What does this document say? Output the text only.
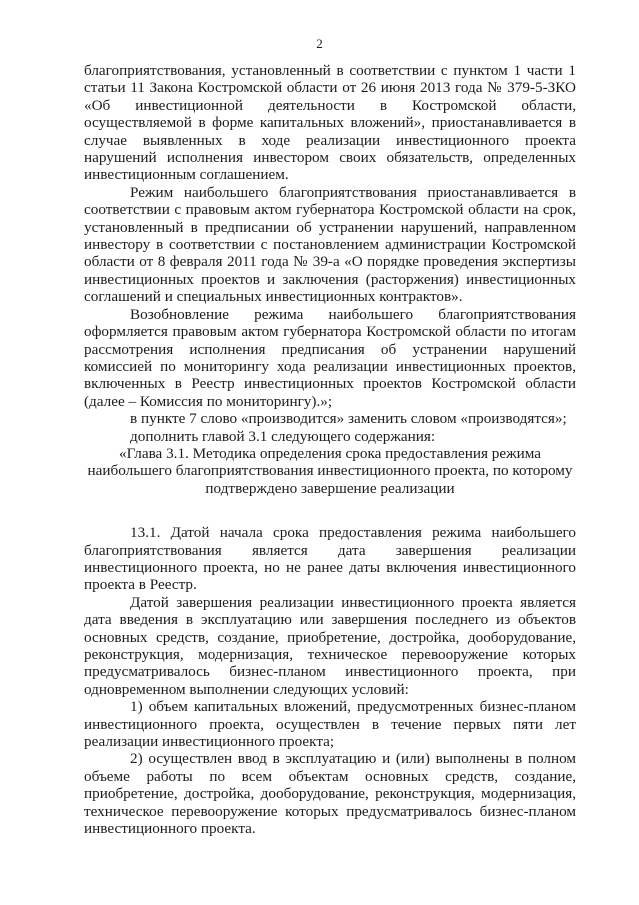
2

благоприятствования, установленный в соответствии с пунктом 1 части 1 статьи 11 Закона Костромской области от 26 июня 2013 года № 379-5-ЗКО «Об инвестиционной деятельности в Костромской области, осуществляемой в форме капитальных вложений», приостанавливается в случае выявленных в ходе реализации инвестиционного проекта нарушений исполнения инвестором своих обязательств, определенных инвестиционным соглашением.

Режим наибольшего благоприятствования приостанавливается в соответствии с правовым актом губернатора Костромской области на срок, установленный в предписании об устранении нарушений, направленном инвестору в соответствии с постановлением администрации Костромской области от 8 февраля 2011 года № 39-а «О порядке проведения экспертизы инвестиционных проектов и заключения (расторжения) инвестиционных соглашений и специальных инвестиционных контрактов».

Возобновление режима наибольшего благоприятствования оформляется правовым актом губернатора Костромской области по итогам рассмотрения исполнения предписания об устранении нарушений комиссией по мониторингу хода реализации инвестиционных проектов, включенных в Реестр инвестиционных проектов Костромской области (далее – Комиссия по мониторингу).»;

в пункте 7 слово «производится» заменить словом «производятся»;

дополнить главой 3.1 следующего содержания:

«Глава 3.1. Методика определения срока предоставления режима
наибольшего благоприятствования инвестиционного проекта, по которому
подтверждено завершение реализации

13.1. Датой начала срока предоставления режима наибольшего благоприятствования является дата завершения реализации инвестиционного проекта, но не ранее даты включения инвестиционного проекта в Реестр.

Датой завершения реализации инвестиционного проекта является дата введения в эксплуатацию или завершения последнего из объектов основных средств, создание, приобретение, достройка, дооборудование, реконструкция, модернизация, техническое перевооружение которых предусматривалось бизнес-планом инвестиционного проекта, при одновременном выполнении следующих условий:

1) объем капитальных вложений, предусмотренных бизнес-планом инвестиционного проекта, осуществлен в течение первых пяти лет реализации инвестиционного проекта;

2) осуществлен ввод в эксплуатацию и (или) выполнены в полном объеме работы по всем объектам основных средств, создание, приобретение, достройка, дооборудование, реконструкция, модернизация, техническое перевооружение которых предусматривалось бизнес-планом инвестиционного проекта.
